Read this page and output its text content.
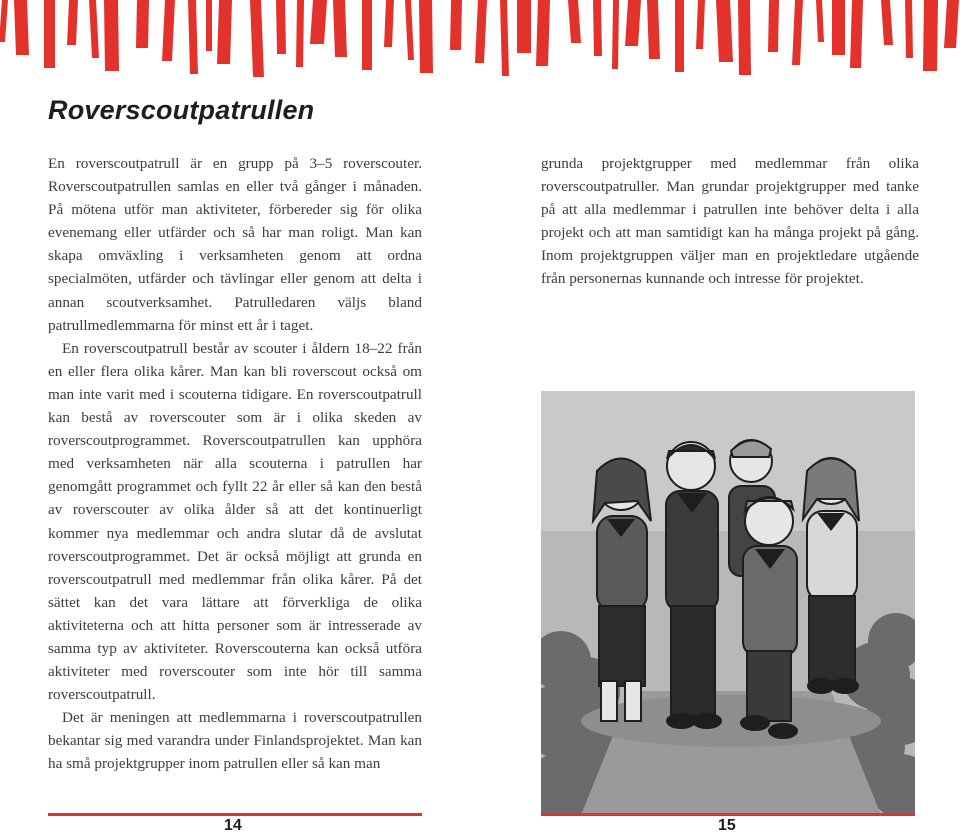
Roverscoutpatrullen

En roverscoutpatrull är en grupp på 3–5 roverscouter. Roverscoutpatrullen samlas en eller två gånger i månaden. På mötena utför man aktiviteter, förbereder sig för olika evenemang eller utfärder och så har man roligt. Man kan skapa omväxling i verksamheten genom att ordna specialmöten, utfärder och tävlingar eller genom att delta i annan scoutverksamhet. Patrulledaren väljs bland patrullmedlemmarna för minst ett år i taget.

En roverscoutpatrull består av scouter i åldern 18–22 från en eller flera olika kårer. Man kan bli roverscout också om man inte varit med i scouterna tidigare. En roverscoutpatrull kan bestå av roverscouter som är i olika skeden av roverscoutprogrammet. Roverscoutpatrullen kan upphöra med verksamheten när alla scouterna i patrullen har genomgått programmet och fyllt 22 år eller så kan den bestå av roverscouter av olika ålder så att det kontinuerligt kommer nya medlemmar och andra slutar då de avslutat roverscoutprogrammet. Det är också möjligt att grunda en roverscoutpatrull med medlemmar från olika kårer. På det sättet kan det vara lättare att förverkliga de olika aktiviteterna och att hitta personer som är intresserade av samma typ av aktiviteter. Roverscouterna kan också utföra aktiviteter med roverscouter som inte hör till samma roverscoutpatrull.

Det är meningen att medlemmarna i roverscoutpatrullen bekantar sig med varandra under Finlandsprojektet. Man kan ha små projektgrupper inom patrullen eller så kan man

grunda projektgrupper med medlemmar från olika roverscoutpatruller. Man grundar projektgrupper med tanke på att alla medlemmar i patrullen inte behöver delta i alla projekt och att man samtidigt kan ha många projekt på gång. Inom projektgruppen väljer man en projektledare utgående från personernas kunnande och intresse för projektet.

14	15
